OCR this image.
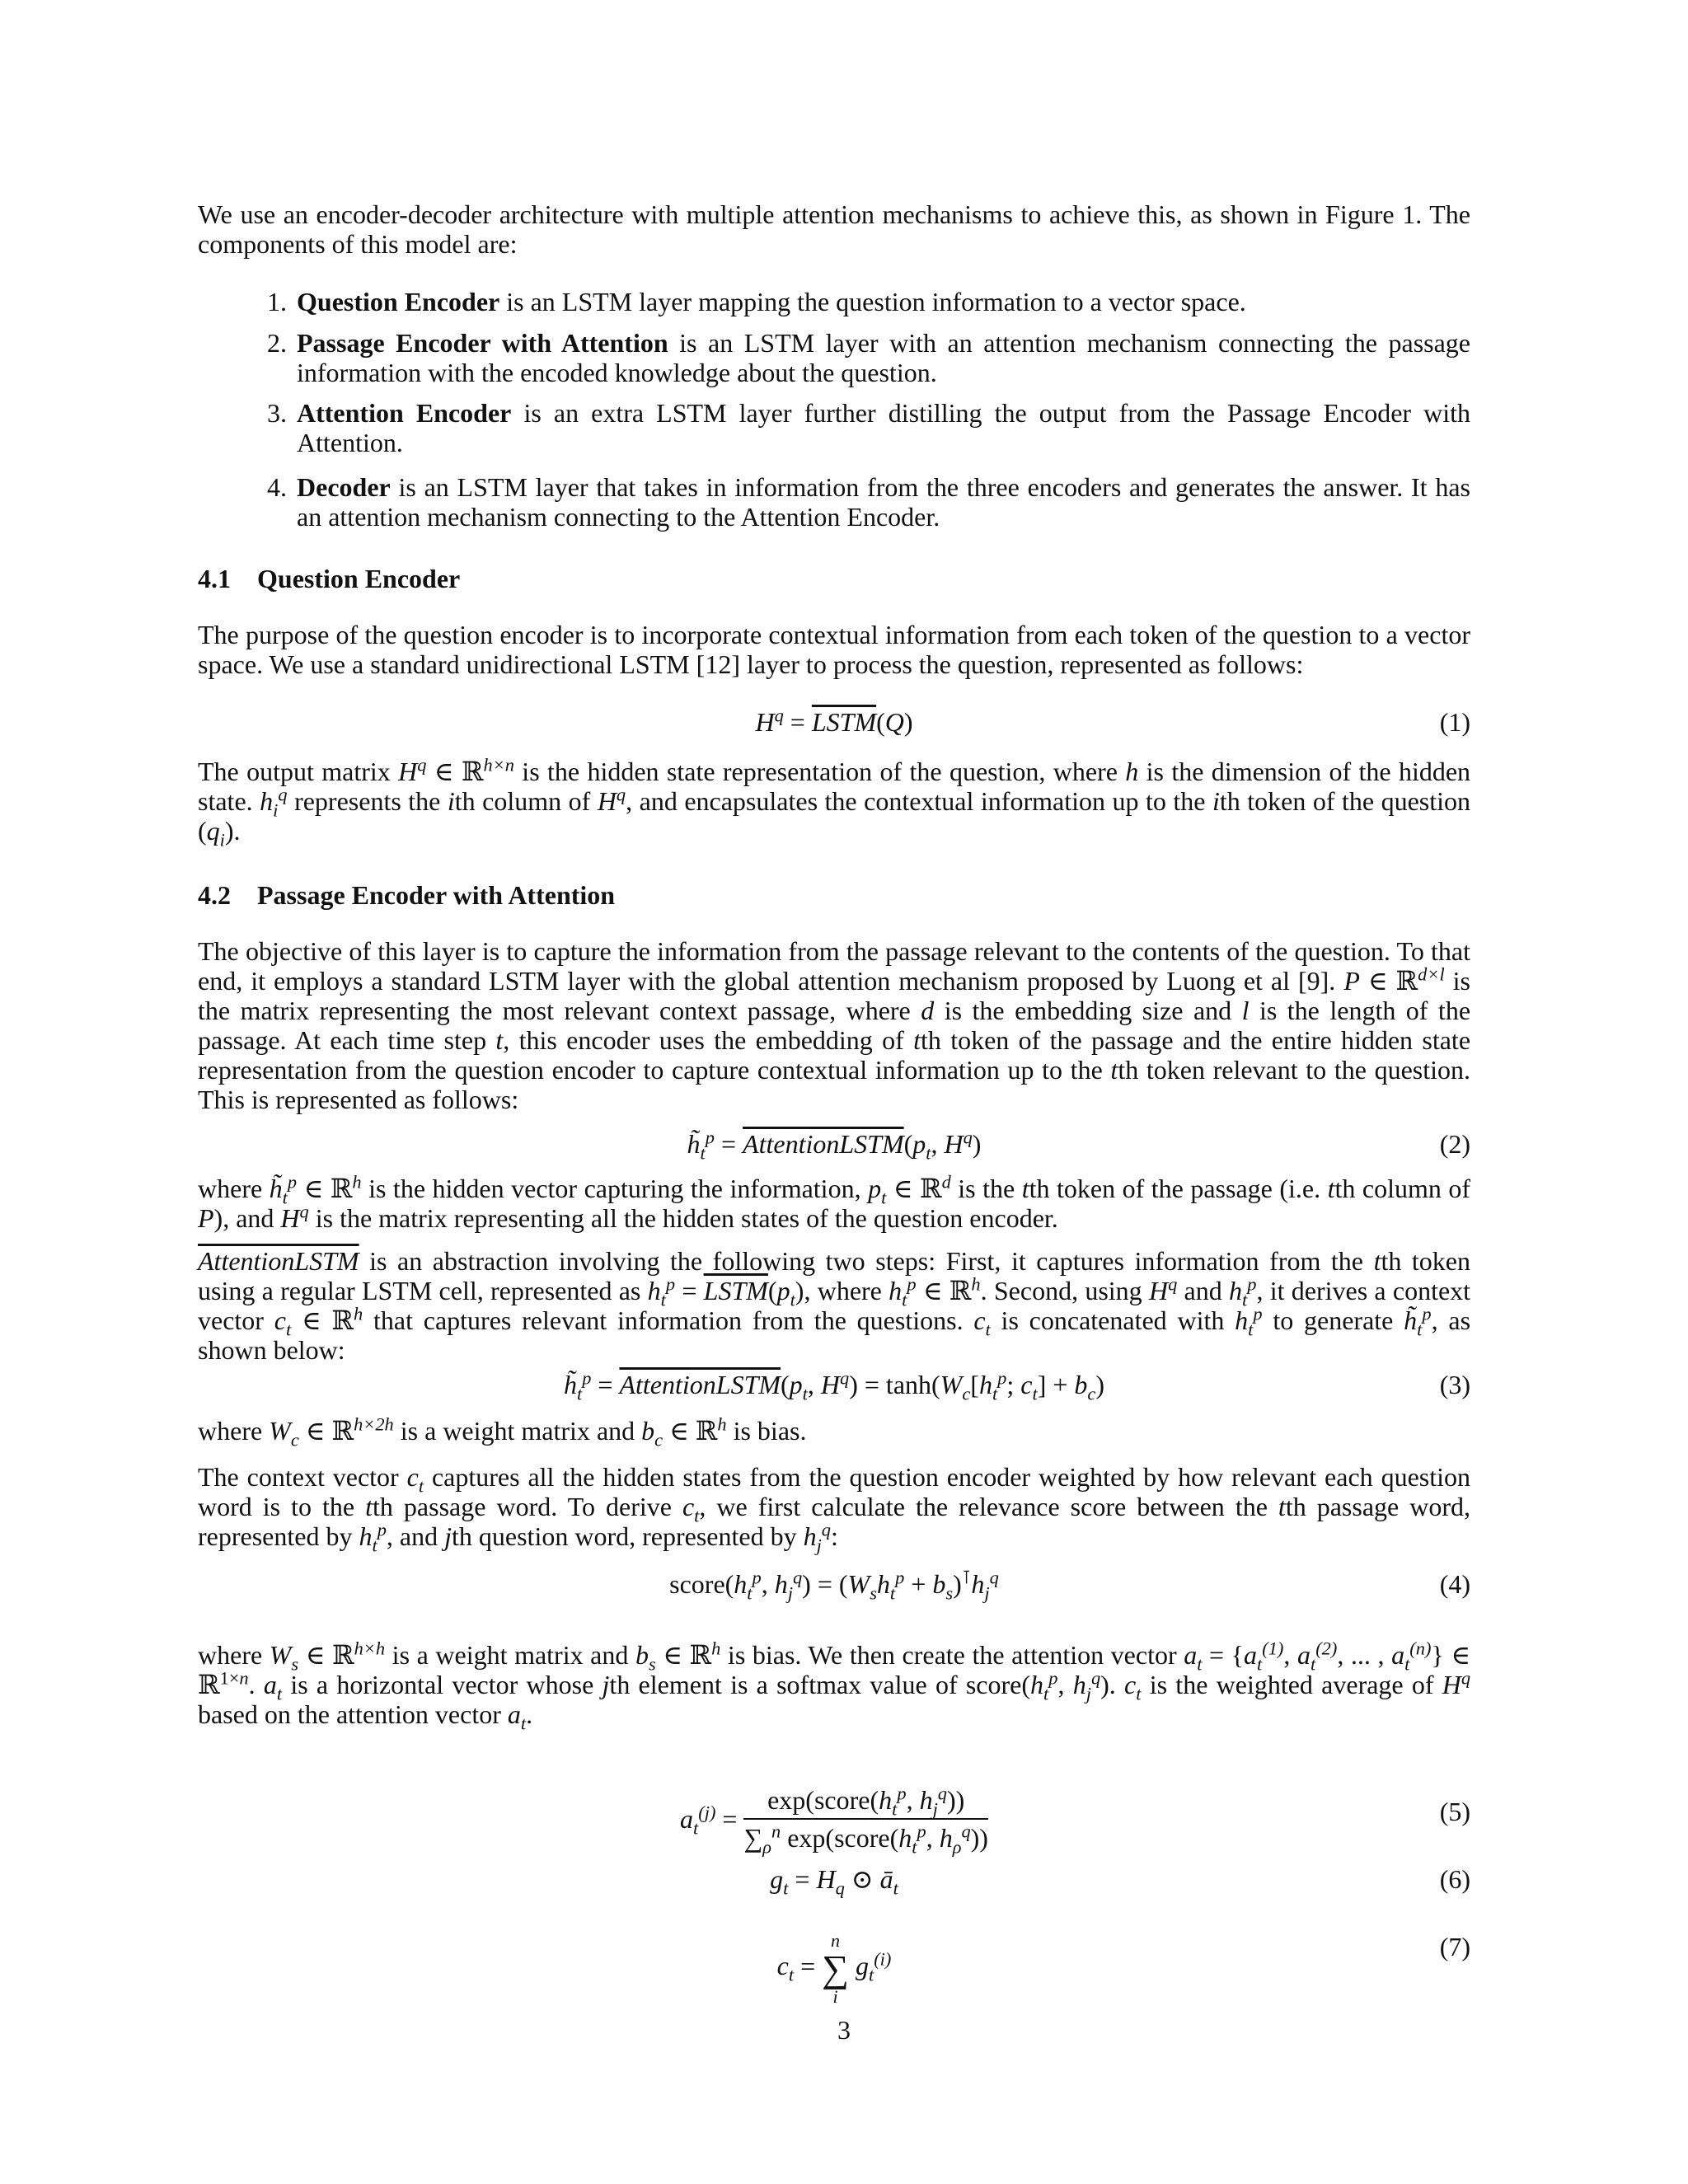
We use an encoder-decoder architecture with multiple attention mechanisms to achieve this, as shown in Figure 1. The components of this model are:

1. Question Encoder is an LSTM layer mapping the question information to a vector space.
2. Passage Encoder with Attention is an LSTM layer with an attention mechanism connecting the passage information with the encoded knowledge about the question.
3. Attention Encoder is an extra LSTM layer further distilling the output from the Passage Encoder with Attention.
4. Decoder is an LSTM layer that takes in information from the three encoders and generates the answer. It has an attention mechanism connecting to the Attention Encoder.
4.1 Question Encoder

The purpose of the question encoder is to incorporate contextual information from each token of the question to a vector space. We use a standard unidirectional LSTM [12] layer to process the question, represented as follows:

$H^q$ = LSTM(Q)	(1)

The output matrix $H^q$ ∈ ℝ$^{h\times n}$ is the hidden state representation of the question, where h is the dimension of the hidden state. $h_i^q$ represents the ith column of $H^q$, and encapsulates the contextual information up to the ith token of the question $(q_i)$.

4.2 Passage Encoder with Attention

The objective of this layer is to capture the information from the passage relevant to the contents of the question. To that end, it employs a standard LSTM layer with the global attention mechanism proposed by Luong et al [9]. P ∈ ℝ$^{d\times l}$ is the matrix representing the most relevant context passage, where d is the embedding size and l is the length of the passage. At each time step t, this encoder uses the embedding of tth token of the passage and the entire hidden state representation from the question encoder to capture contextual information up to the tth token relevant to the question. This is represented as follows:

$h̃_t^p$ = $AttentionLSTM(p_t$, $H^q$)	(2)

where $h̃_t^p$ ∈ ℝ$^h$ is the hidden vector capturing the information, $p_t$ ∈ ℝ$^d$ is the tth token of the passage (i.e. tth column of P), and $H^q$ is the matrix representing all the hidden states of the question encoder.

AttentionLSTM is an abstraction involving the following two steps: First, it captures information from the tth token using a regular LSTM cell, represented as $h_t^p$ = $LSTM(p_t)$, where $h_t^p$ ∈ ℝ$^h$. Second, using $H^q$ and $h_t^p$, it derives a context vector $c_t$ ∈ ℝ$^h$ that captures relevant information from the questions. $c_t$ is concatenated with $h_t^p$ to generate $h̃_t^p$, as shown below:

$h̃_t^p$ = $AttentionLSTM(p_t$, $H^q) = \tanh(W_c[h_t^p$; $c_t] + b_c$)	(3)

where $W_c$ ∈ ℝ$^{h\times 2h}$ is a weight matrix and $b_c$ ∈ ℝ$^h$ is bias.

The context vector $c_t$ captures all the hidden states from the question encoder weighted by how relevant each question word is to the tth passage word. To derive $c_t$, we first calculate the relevance score between the tth passage word, represented by $h_t^p$, and jth question word, represented by $h_j^q$:

$score(h_t^p$, $h_j^q) = (W_sh_t^p + b_s)^⊺h_j^q$	(4)

where $W_s$ ∈ ℝ$^{h\times h}$ is a weight matrix and $b_s$ ∈ ℝ$^h$ is bias. We then create the attention vector $a_t = \{a_t^{(1)}$, $a_t^{(2)}$, ... , $a_t^{(n)}$} ∈ ℝ$^{1\times n}$. $a_t$ is a horizontal vector whose jth element is a softmax value of $score(h_t^p$, $h_j^q$). $c_t$ is the weighted average of $H^q$ based on the attention vector $a_t$.

$a_t^{(j)} = \frac{\exp(score(h_t^p, h_j^q))}{\sum_\rho^n \exp(score(h_t^p, h_\rho^q))}$	(5)
$g_t = H_q$ ⊙ $ā_t$	(6)
$c_t$ =
n
∑
i
$g_t^{(i)}$	(7)
3
